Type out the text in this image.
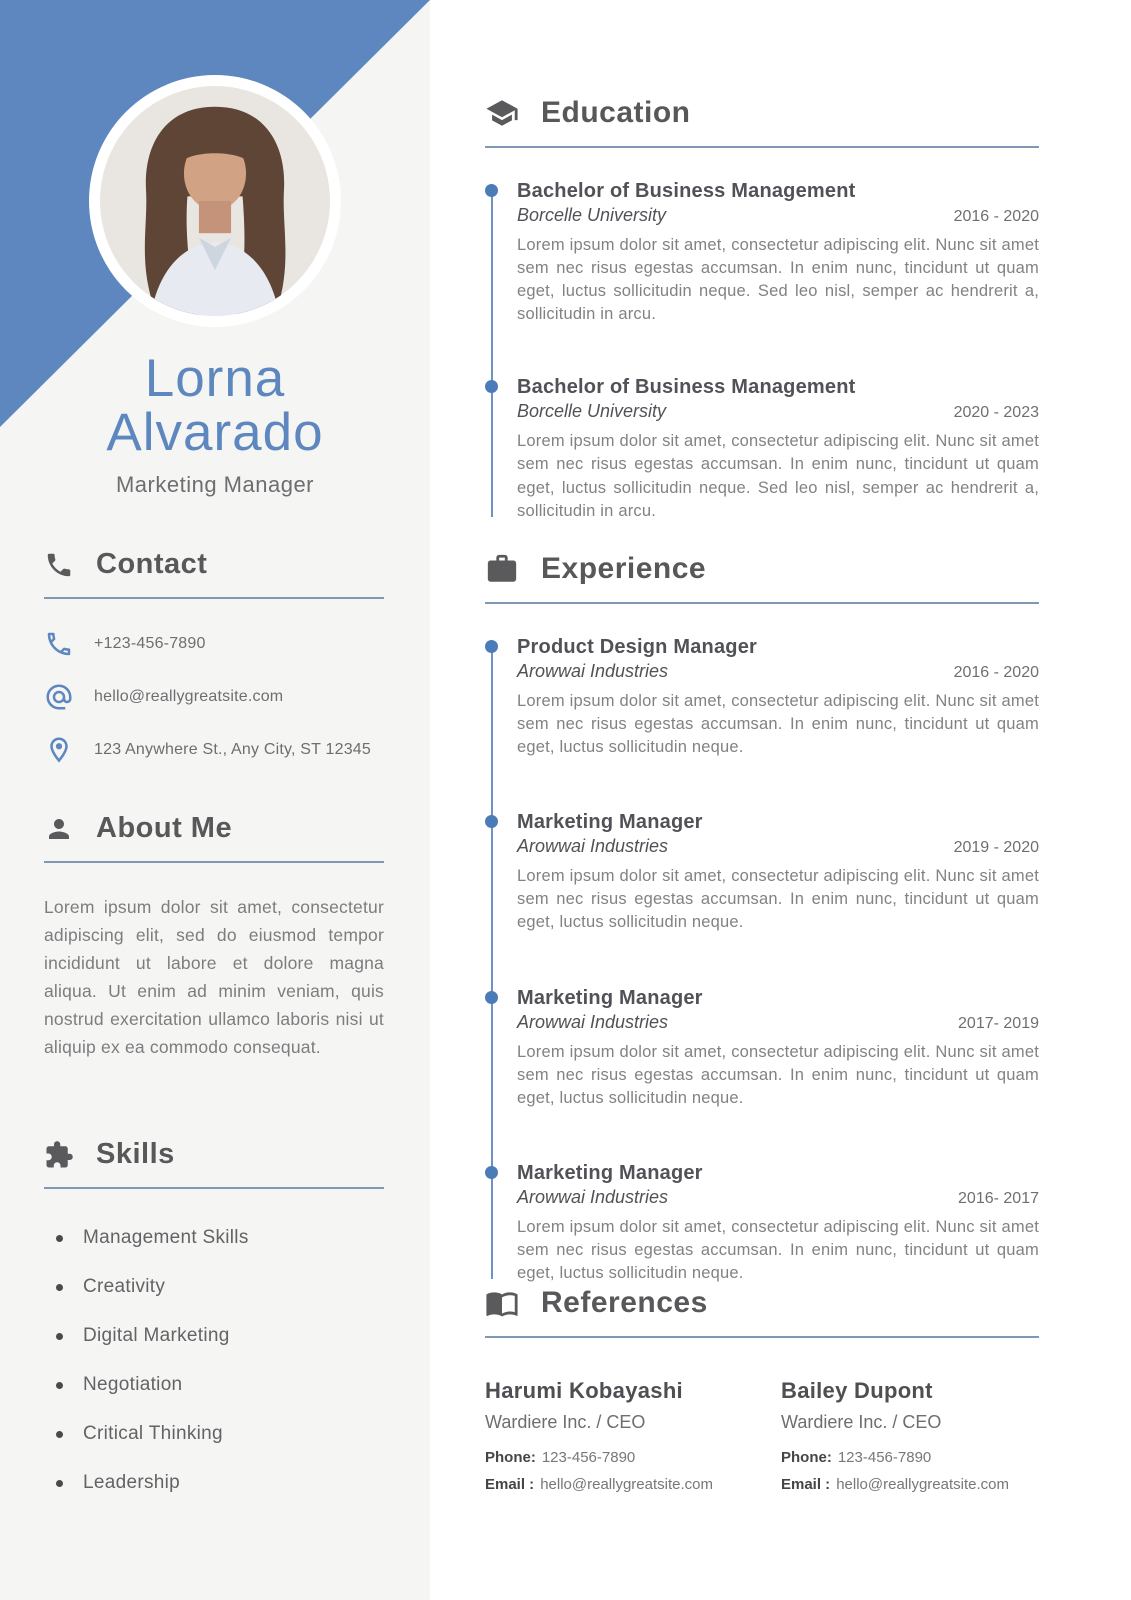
Lorna
Alvarado
Marketing Manager
Contact
+123-456-7890
hello@reallygreatsite.com
123 Anywhere St., Any City, ST 12345
About Me

Lorem ipsum dolor sit amet, consectetur adipiscing elit, sed do eiusmod tempor incididunt ut labore et dolore magna aliqua. Ut enim ad minim veniam, quis nostrud exercitation ullamco laboris nisi ut aliquip ex ea commodo consequat.

Skills
Management Skills
Creativity
Digital Marketing
Negotiation
Critical Thinking
Leadership
Education
Bachelor of Business Management
Borcelle University	2016 - 2020

Lorem ipsum dolor sit amet, consectetur adipiscing elit. Nunc sit amet sem nec risus egestas accumsan. In enim nunc, tincidunt ut quam eget, luctus sollicitudin neque. Sed leo nisl, semper ac hendrerit a, sollicitudin in arcu.

Bachelor of Business Management
Borcelle University	2020 - 2023

Lorem ipsum dolor sit amet, consectetur adipiscing elit. Nunc sit amet sem nec risus egestas accumsan. In enim nunc, tincidunt ut quam eget, luctus sollicitudin neque. Sed leo nisl, semper ac hendrerit a, sollicitudin in arcu.

Experience
Product Design Manager
Arowwai Industries	2016 - 2020

Lorem ipsum dolor sit amet, consectetur adipiscing elit. Nunc sit amet sem nec risus egestas accumsan. In enim nunc, tincidunt ut quam eget, luctus sollicitudin neque.

Marketing Manager
Arowwai Industries	2019 - 2020

Lorem ipsum dolor sit amet, consectetur adipiscing elit. Nunc sit amet sem nec risus egestas accumsan. In enim nunc, tincidunt ut quam eget, luctus sollicitudin neque.

Marketing Manager
Arowwai Industries	2017- 2019

Lorem ipsum dolor sit amet, consectetur adipiscing elit. Nunc sit amet sem nec risus egestas accumsan. In enim nunc, tincidunt ut quam eget, luctus sollicitudin neque.

Marketing Manager
Arowwai Industries	2016- 2017

Lorem ipsum dolor sit amet, consectetur adipiscing elit. Nunc sit amet sem nec risus egestas accumsan. In enim nunc, tincidunt ut quam eget, luctus sollicitudin neque.

References
Harumi Kobayashi
Wardiere Inc. / CEO
Phone: 123-456-7890
Email : hello@reallygreatsite.com
Bailey Dupont
Wardiere Inc. / CEO
Phone: 123-456-7890
Email : hello@reallygreatsite.com
